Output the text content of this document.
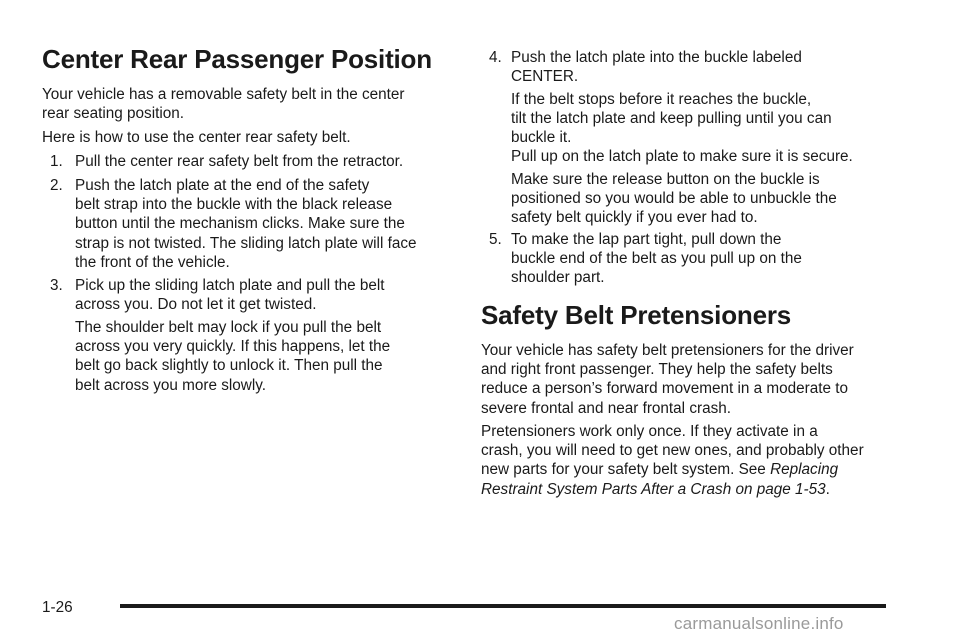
Center Rear Passenger Position

Your vehicle has a removable safety belt in the center
rear seating position.

Here is how to use the center rear safety belt.

1. Pull the center rear safety belt from the retractor.
2. Push the latch plate at the end of the safety
belt strap into the buckle with the black release
button until the mechanism clicks. Make sure the
strap is not twisted. The sliding latch plate will face
the front of the vehicle.
3. Pick up the sliding latch plate and pull the belt
across you. Do not let it get twisted.

The shoulder belt may lock if you pull the belt
across you very quickly. If this happens, let the
belt go back slightly to unlock it. Then pull the
belt across you more slowly.

4. Push the latch plate into the buckle labeled
CENTER.

If the belt stops before it reaches the buckle,
tilt the latch plate and keep pulling until you can
buckle it.

Pull up on the latch plate to make sure it is secure.

Make sure the release button on the buckle is
positioned so you would be able to unbuckle the
safety belt quickly if you ever had to.

5. To make the lap part tight, pull down the
buckle end of the belt as you pull up on the
shoulder part.
Safety Belt Pretensioners

Your vehicle has safety belt pretensioners for the driver
and right front passenger. They help the safety belts
reduce a person’s forward movement in a moderate to
severe frontal and near frontal crash.

Pretensioners work only once. If they activate in a
crash, you will need to get new ones, and probably other
new parts for your safety belt system. See Replacing
Restraint System Parts After a Crash on page 1-53.

1-26
carmanualsonline.info
